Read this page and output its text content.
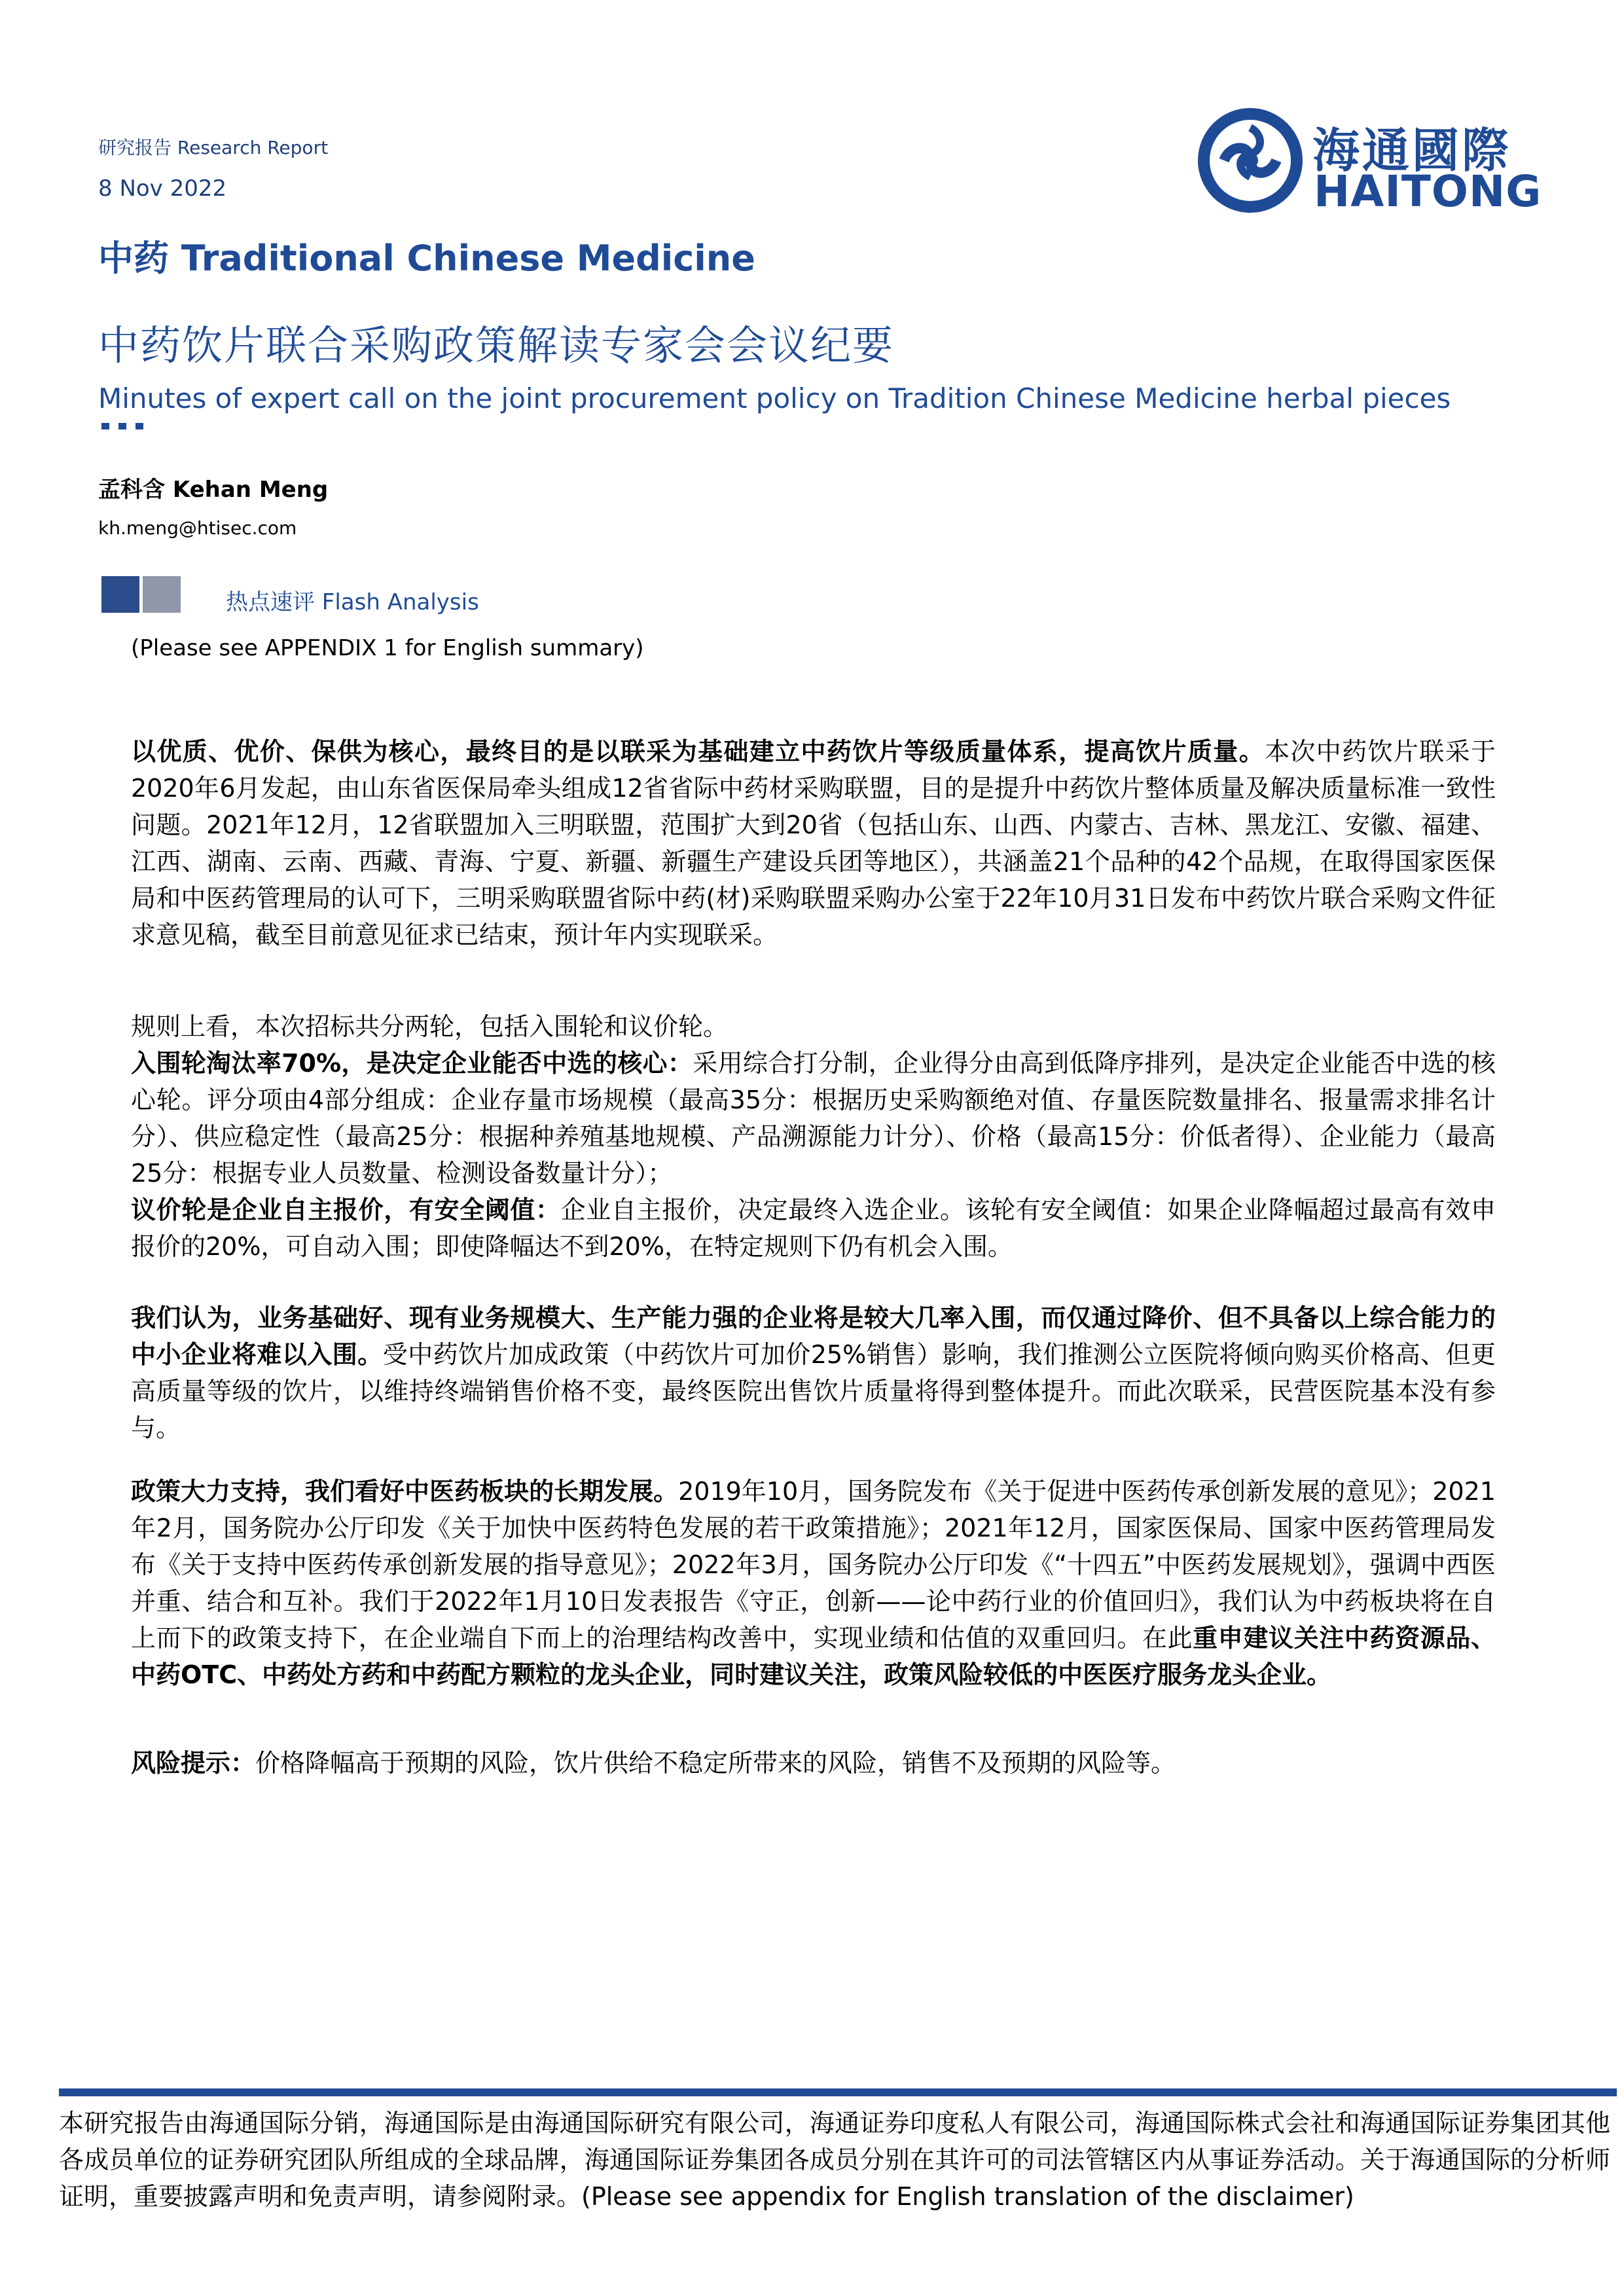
研究报告 Research Report
8 Nov 2022
中药 Traditional Chinese Medicine
中药饮片联合采购政策解读专家会会议纪要
Minutes of expert call on the joint procurement policy on Tradition Chinese Medicine herbal pieces
海通國際
HAITONG
孟科含 Kehan Meng
kh.meng@htisec.com
热点速评 Flash Analysis
(Please see APPENDIX 1 for English summary)
以优质、优价、保供为核心，最终目的是以联采为基础建立中药饮片等级质量体系，提高饮片质量。本次中药饮片联采于2020年6月发起，由山东省医保局牵头组成12省省际中药材采购联盟，目的是提升中药饮片整体质量及解决质量标准一致性问题。2021年12月，12省联盟加入三明联盟，范围扩大到20省（包括山东、山西、内蒙古、吉林、黑龙江、安徽、福建、江西、湖南、云南、西藏、青海、宁夏、新疆、新疆生产建设兵团等地区），共涵盖21个品种的42个品规，在取得国家医保局和中医药管理局的认可下，三明采购联盟省际中药(材)采购联盟采购办公室于22年10月31日发布中药饮片联合采购文件征求意见稿，截至目前意见征求已结束，预计年内实现联采。
规则上看，本次招标共分两轮，包括入围轮和议价轮。
入围轮淘汰率70%，是决定企业能否中选的核心：采用综合打分制，企业得分由高到低降序排列，是决定企业能否中选的核心轮。评分项由4部分组成：企业存量市场规模（最高35分：根据历史采购额绝对值、存量医院数量排名、报量需求排名计分）、供应稳定性（最高25分：根据种养殖基地规模、产品溯源能力计分）、价格（最高15分：价低者得）、企业能力（最高25分：根据专业人员数量、检测设备数量计分）；
议价轮是企业自主报价，有安全阈值：企业自主报价，决定最终入选企业。该轮有安全阈值：如果企业降幅超过最高有效申报价的20%，可自动入围；即使降幅达不到20%，在特定规则下仍有机会入围。
我们认为，业务基础好、现有业务规模大、生产能力强的企业将是较大几率入围，而仅通过降价、但不具备以上综合能力的中小企业将难以入围。受中药饮片加成政策（中药饮片可加价25%销售）影响，我们推测公立医院将倾向购买价格高、但更高质量等级的饮片，以维持终端销售价格不变，最终医院出售饮片质量将得到整体提升。而此次联采，民营医院基本没有参与。
政策大力支持，我们看好中医药板块的长期发展。2019年10月，国务院发布《关于促进中医药传承创新发展的意见》；2021年2月，国务院办公厅印发《关于加快中医药特色发展的若干政策措施》；2021年12月，国家医保局、国家中医药管理局发布《关于支持中医药传承创新发展的指导意见》；2022年3月，国务院办公厅印发《“十四五”中医药发展规划》，强调中西医并重、结合和互补。我们于2022年1月10日发表报告《守正，创新——论中药行业的价值回归》，我们认为中药板块将在自上而下的政策支持下，在企业端自下而上的治理结构改善中，实现业绩和估值的双重回归。在此重申建议关注中药资源品、中药OTC、中药处方药和中药配方颗粒的龙头企业，同时建议关注，政策风险较低的中医医疗服务龙头企业。
风险提示：价格降幅高于预期的风险，饮片供给不稳定所带来的风险，销售不及预期的风险等。
本研究报告由海通国际分销，海通国际是由海通国际研究有限公司，海通证券印度私人有限公司，海通国际株式会社和海通国际证券集团其他各成员单位的证券研究团队所组成的全球品牌，海通国际证券集团各成员分别在其许可的司法管辖区内从事证券活动。关于海通国际的分析师证明，重要披露声明和免责声明，请参阅附录。(Please see appendix for English translation of the disclaimer)
